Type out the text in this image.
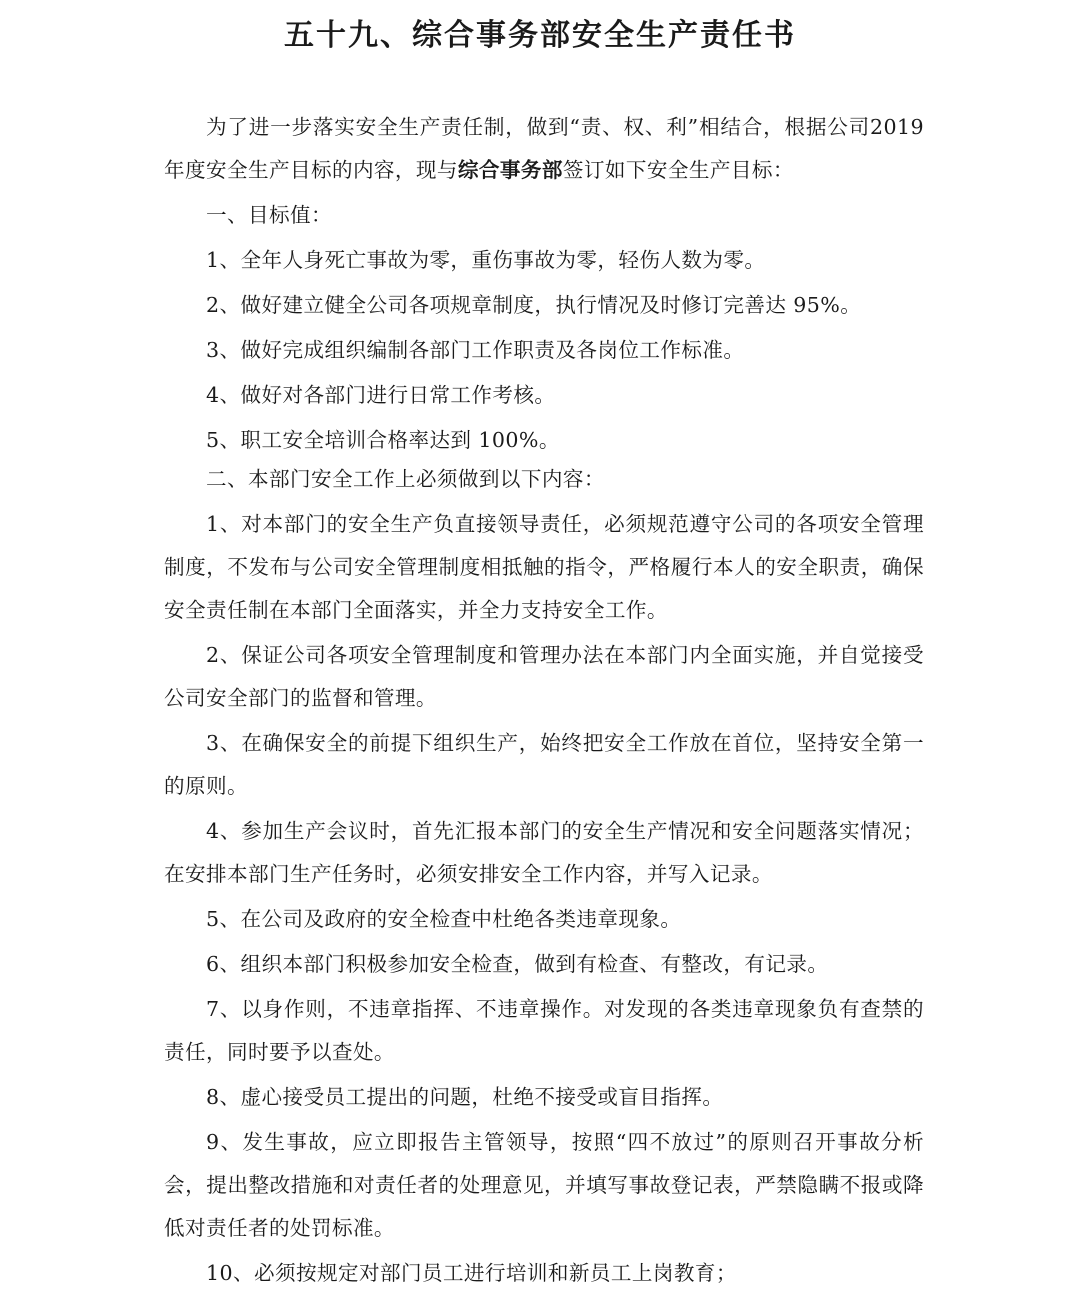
五十九、综合事务部安全生产责任书

为了进一步落实安全生产责任制，做到“责、权、利”相结合，根据公司2019年度安全生产目标的内容，现与综合事务部签订如下安全生产目标：

一、目标值：

1、全年人身死亡事故为零，重伤事故为零，轻伤人数为零。

2、做好建立健全公司各项规章制度，执行情况及时修订完善达 95%。

3、做好完成组织编制各部门工作职责及各岗位工作标准。

4、做好对各部门进行日常工作考核。

5、职工安全培训合格率达到 100%。

二、本部门安全工作上必须做到以下内容：

1、对本部门的安全生产负直接领导责任，必须规范遵守公司的各项安全管理制度，不发布与公司安全管理制度相抵触的指令，严格履行本人的安全职责，确保安全责任制在本部门全面落实，并全力支持安全工作。

2、保证公司各项安全管理制度和管理办法在本部门内全面实施，并自觉接受公司安全部门的监督和管理。

3、在确保安全的前提下组织生产，始终把安全工作放在首位，坚持安全第一的原则。

4、参加生产会议时，首先汇报本部门的安全生产情况和安全问题落实情况；在安排本部门生产任务时，必须安排安全工作内容，并写入记录。

5、在公司及政府的安全检查中杜绝各类违章现象。

6、组织本部门积极参加安全检查，做到有检查、有整改，有记录。

7、以身作则，不违章指挥、不违章操作。对发现的各类违章现象负有查禁的责任，同时要予以查处。

8、虚心接受员工提出的问题，杜绝不接受或盲目指挥。

9、发生事故，应立即报告主管领导，按照“四不放过”的原则召开事故分析会，提出整改措施和对责任者的处理意见，并填写事故登记表，严禁隐瞒不报或降低对责任者的处罚标准。

10、必须按规定对部门员工进行培训和新员工上岗教育；
